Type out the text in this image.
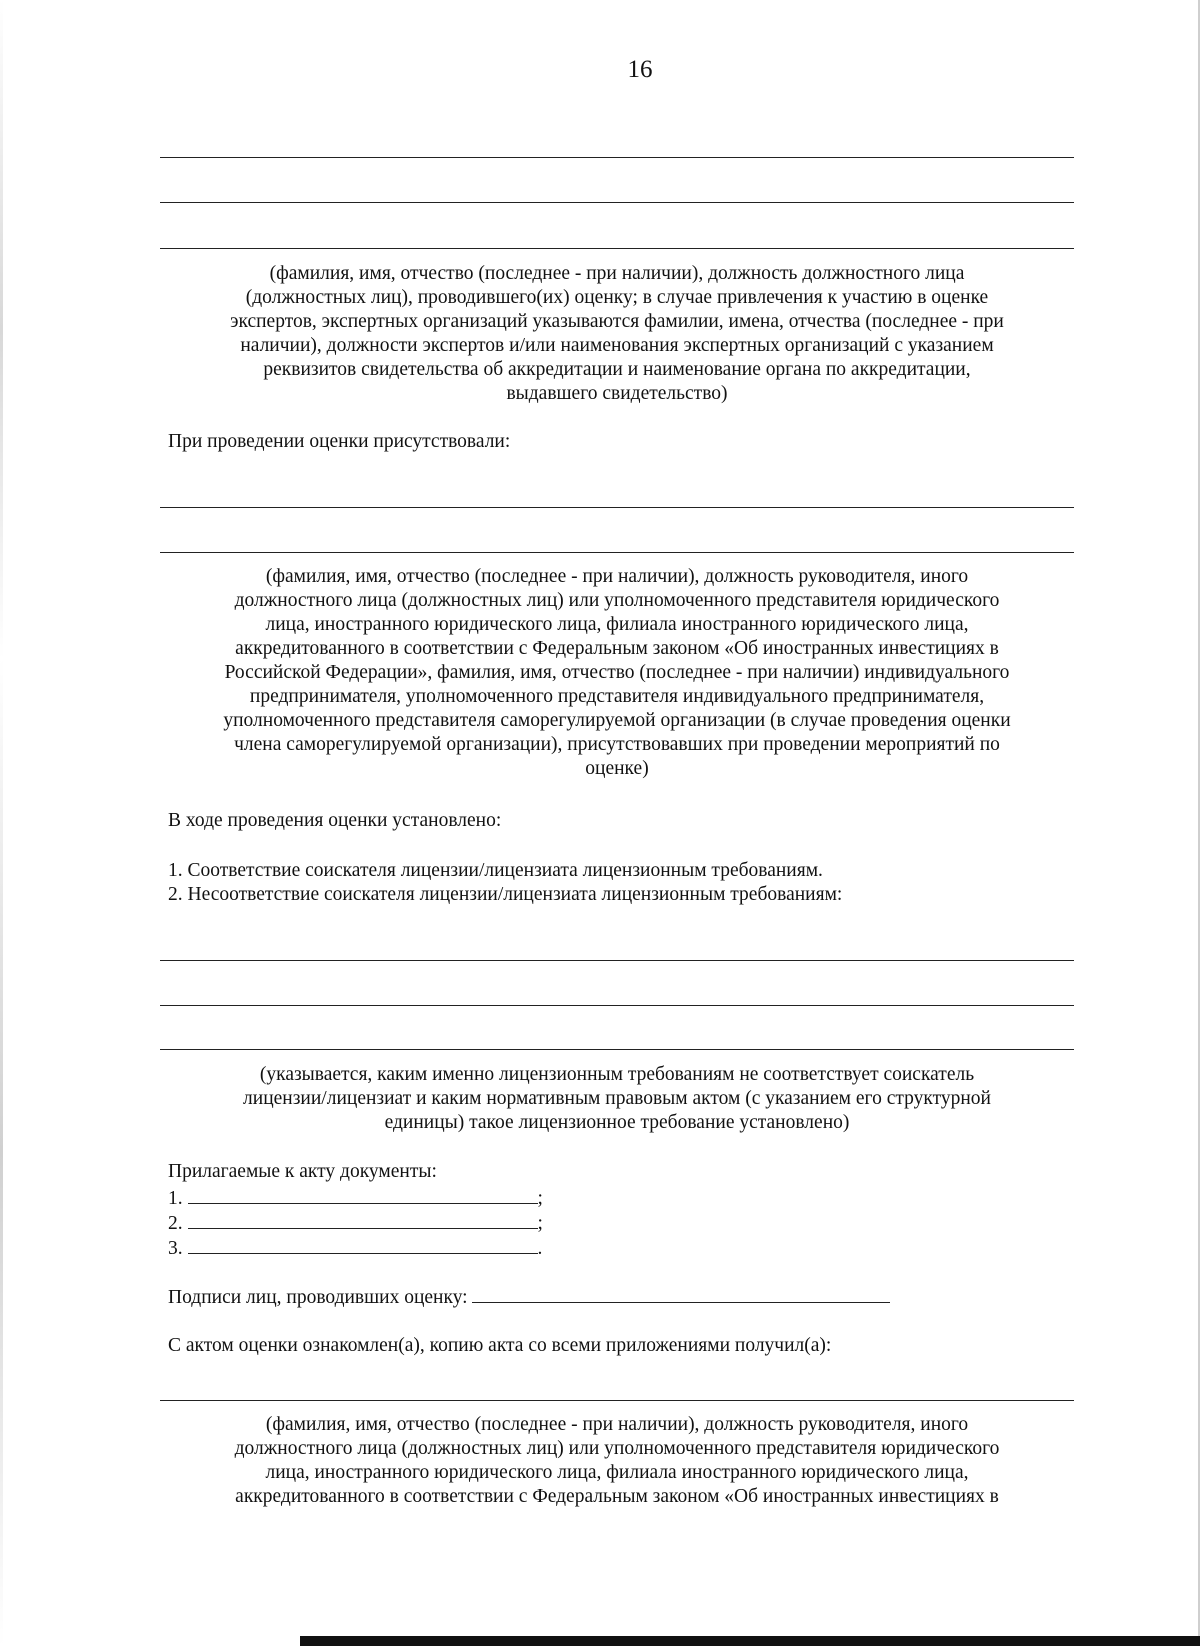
16
(фамилия, имя, отчество (последнее - при наличии), должность должностного лица
(должностных лиц), проводившего(их) оценку; в случае привлечения к участию в оценке
экспертов, экспертных организаций указываются фамилии, имена, отчества (последнее - при
наличии), должности экспертов и/или наименования экспертных организаций с указанием
реквизитов свидетельства об аккредитации и наименование органа по аккредитации,
выдавшего свидетельство)
При проведении оценки присутствовали:
(фамилия, имя, отчество (последнее - при наличии), должность руководителя, иного
должностного лица (должностных лиц) или уполномоченного представителя юридического
лица, иностранного юридического лица, филиала иностранного юридического лица,
аккредитованного в соответствии с Федеральным законом «Об иностранных инвестициях в
Российской Федерации», фамилия, имя, отчество (последнее - при наличии) индивидуального
предпринимателя, уполномоченного представителя индивидуального предпринимателя,
уполномоченного представителя саморегулируемой организации (в случае проведения оценки
члена саморегулируемой организации), присутствовавших при проведении мероприятий по
оценке)
В ходе проведения оценки установлено:
1. Соответствие соискателя лицензии/лицензиата лицензионным требованиям.
2. Несоответствие соискателя лицензии/лицензиата лицензионным требованиям:
(указывается, каким именно лицензионным требованиям не соответствует соискатель
лицензии/лицензиат и каким нормативным правовым актом (с указанием его структурной
единицы) такое лицензионное требование установлено)
Прилагаемые к акту документы:
1.	;
2.	;
3.	.
Подписи лиц, проводивших оценку:
С актом оценки ознакомлен(а), копию акта со всеми приложениями получил(а):
(фамилия, имя, отчество (последнее - при наличии), должность руководителя, иного
должностного лица (должностных лиц) или уполномоченного представителя юридического
лица, иностранного юридического лица, филиала иностранного юридического лица,
аккредитованного в соответствии с Федеральным законом «Об иностранных инвестициях в
